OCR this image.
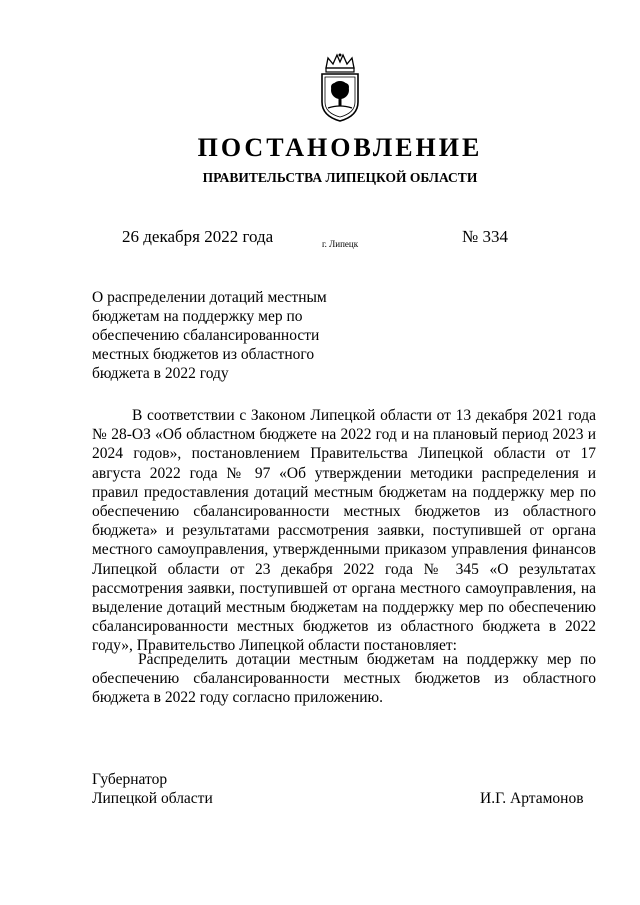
ПОСТАНОВЛЕНИЕ
ПРАВИТЕЛЬСТВА ЛИПЕЦКОЙ ОБЛАСТИ
26 декабря 2022 года	г. Липецк	№ 334
О распределении дотаций местным бюджетам на поддержку мер по обеспечению сбалансированности местных бюджетов из областного бюджета в 2022 году

В соответствии с Законом Липецкой области от 13 декабря 2021 года № 28-ОЗ «Об областном бюджете на 2022 год и на плановый период 2023 и 2024 годов», постановлением Правительства Липецкой области от 17 августа 2022 года № 97 «Об утверждении методики распределения и правил предоставления дотаций местным бюджетам на поддержку мер по обеспечению сбалансированности местных бюджетов из областного бюджета» и результатами рассмотрения заявки, поступившей от органа местного самоуправления, утвержденными приказом управления финансов Липецкой области от 23 декабря 2022 года № 345 «О результатах рассмотрения заявки, поступившей от органа местного самоуправления, на выделение дотаций местным бюджетам на поддержку мер по обеспечению сбалансированности местных бюджетов из областного бюджета в 2022 году», Правительство Липецкой области постановляет:

Распределить дотации местным бюджетам на поддержку мер по обеспечению сбалансированности местных бюджетов из областного бюджета в 2022 году согласно приложению.

Губернатор
Липецкой области	И.Г. Артамонов
